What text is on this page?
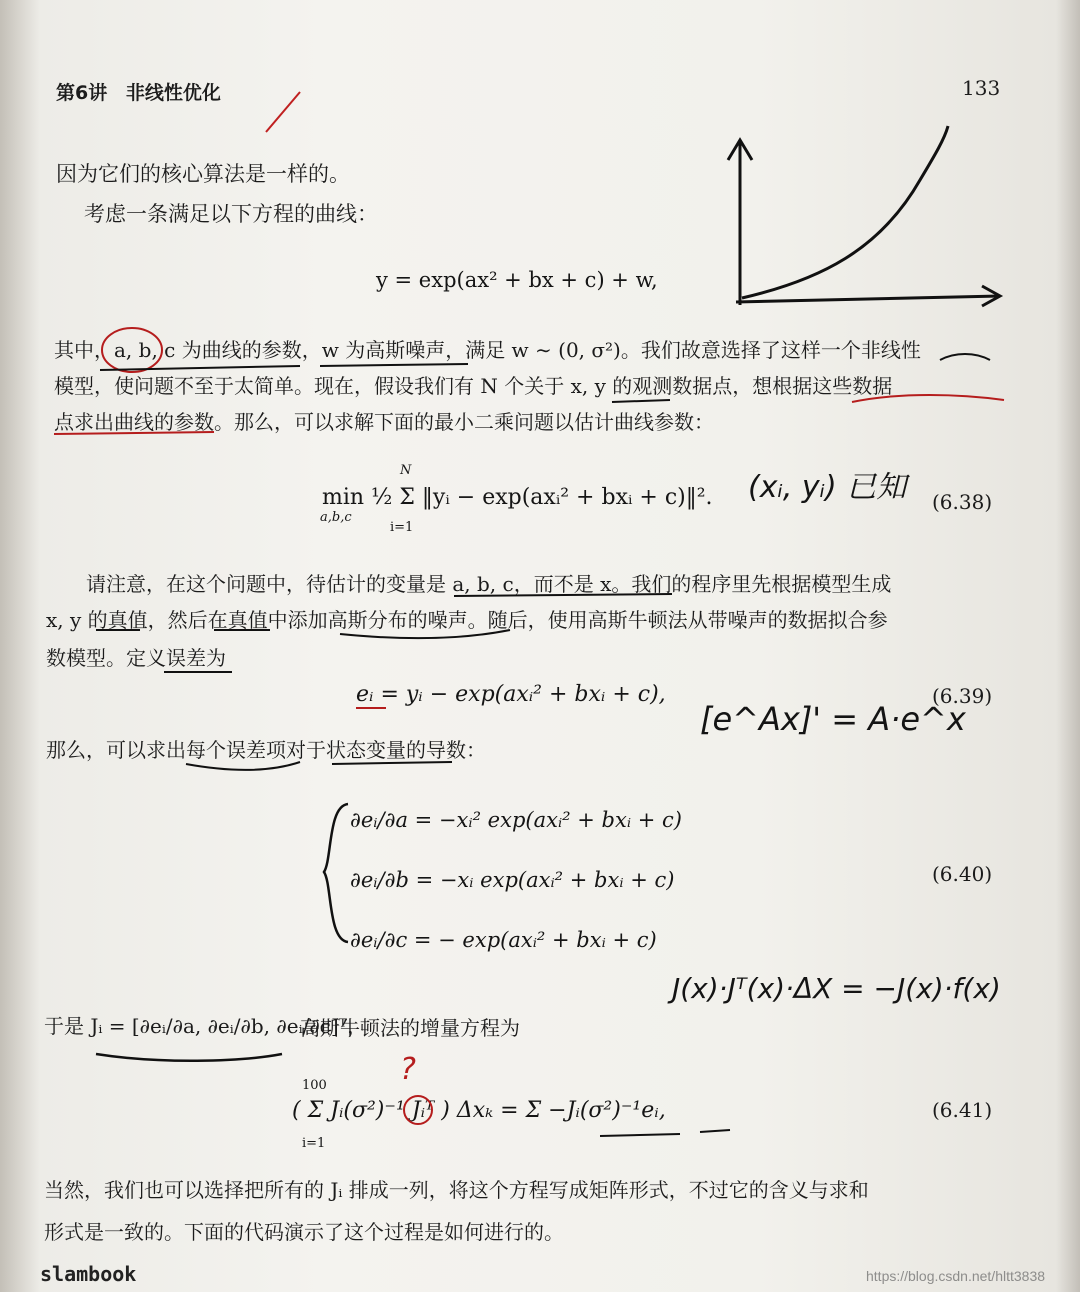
第6讲 非线性优化	133
因为它们的核心算法是一样的。
考虑一条满足以下方程的曲线：
y = exp(ax² + bx + c) + w,
其中，a, b, c 为曲线的参数，w 为高斯噪声，满足 w ∼ (0, σ²)。我们故意选择了这样一个非线性
模型，使问题不至于太简单。现在，假设我们有 N 个关于 x, y 的观测数据点，想根据这些数据
点求出曲线的参数。那么，可以求解下面的最小二乘问题以估计曲线参数：
min ½ Σ ‖yᵢ − exp(axᵢ² + bxᵢ + c)‖².
a,b,c
N
i=1
(6.38)
请注意，在这个问题中，待估计的变量是 a, b, c，而不是 x。我们的程序里先根据模型生成
x, y 的真值，然后在真值中添加高斯分布的噪声。随后，使用高斯牛顿法从带噪声的数据拟合参
数模型。定义误差为
eᵢ = yᵢ − exp(axᵢ² + bxᵢ + c),	(6.39)
那么，可以求出每个误差项对于状态变量的导数：
∂eᵢ/∂a = −xᵢ² exp(axᵢ² + bxᵢ + c)
∂eᵢ/∂b = −xᵢ exp(axᵢ² + bxᵢ + c)
∂eᵢ/∂c = − exp(axᵢ² + bxᵢ + c)
(6.40)
于是 Jᵢ = [∂eᵢ/∂a, ∂eᵢ/∂b, ∂eᵢ/∂c]ᵀ，
高斯牛顿法的增量方程为
( Σ Jᵢ(σ²)⁻¹ Jᵢᵀ ) Δxₖ = Σ −Jᵢ(σ²)⁻¹eᵢ,
100
i=1
(6.41)
当然，我们也可以选择把所有的 Jᵢ 排成一列，将这个方程写成矩阵形式，不过它的含义与求和
形式是一致的。下面的代码演示了这个过程是如何进行的。
slambook
(xᵢ, yᵢ) 已知
[e^Ax]' = A·e^x
J(x)·Jᵀ(x)·ΔX = −J(x)·f(x)
?
https://blog.csdn.net/hltt3838
